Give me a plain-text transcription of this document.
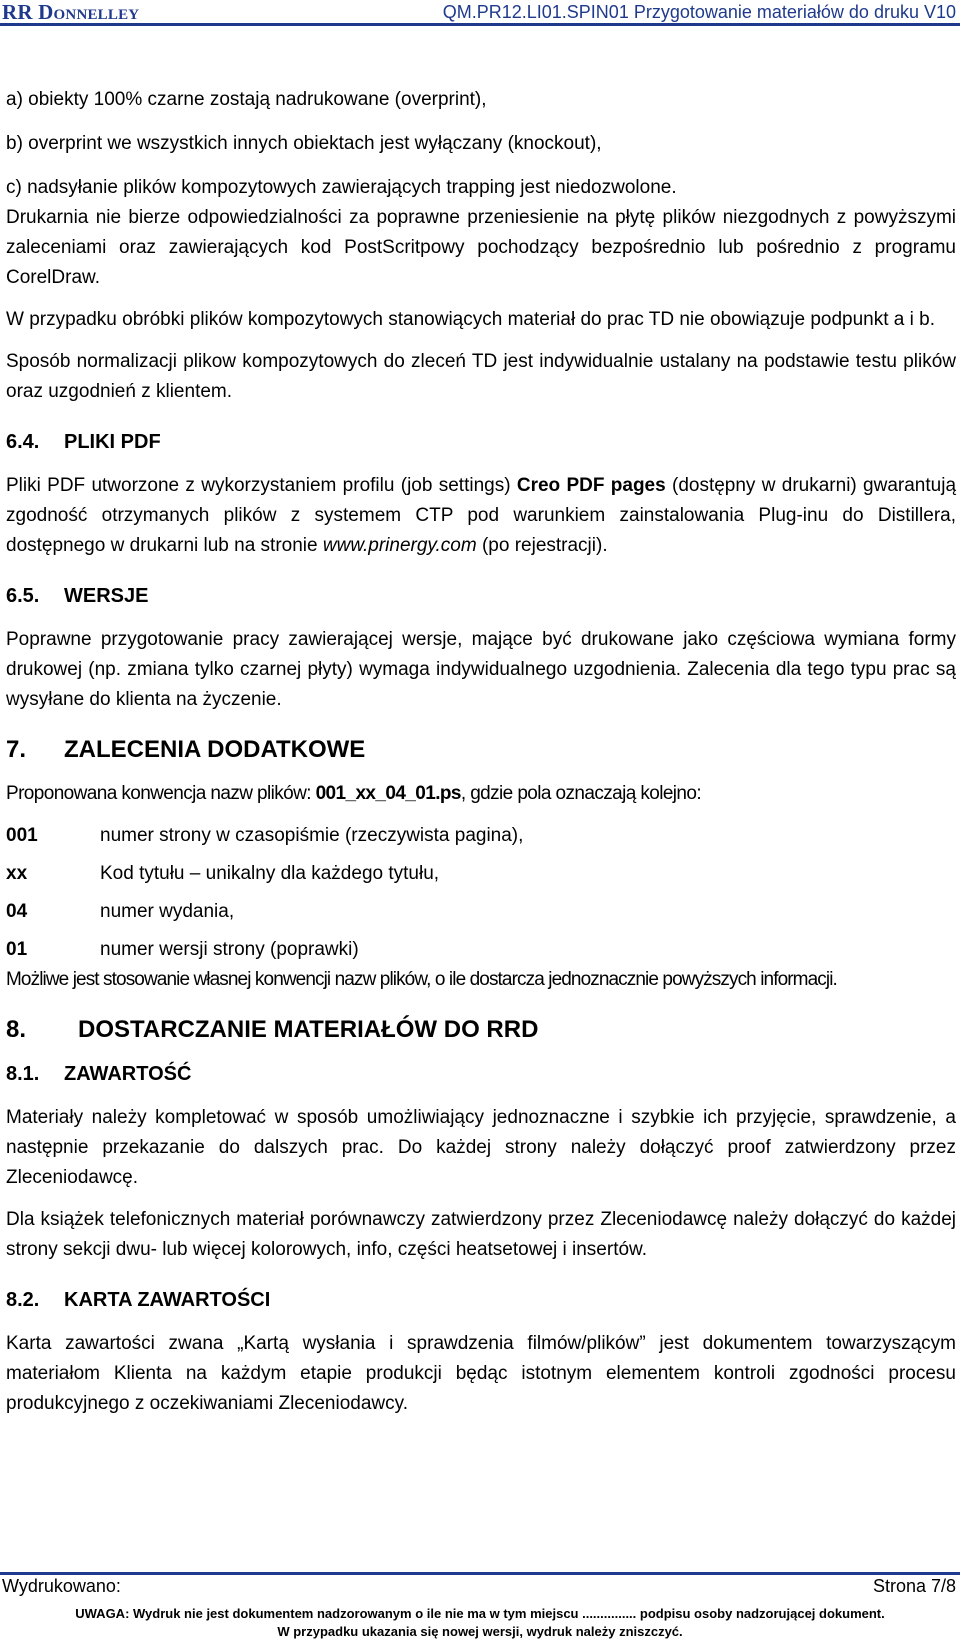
RR Donnelley	QM.PR12.LI01.SPIN01 Przygotowanie materiałów do druku V10

a) obiekty 100% czarne zostają nadrukowane (overprint),

b) overprint we wszystkich innych obiektach jest wyłączany (knockout),

c) nadsyłanie plików kompozytowych zawierających trapping jest niedozwolone.

Drukarnia nie bierze odpowiedzialności za poprawne przeniesienie na płytę plików niezgodnych z powyższymi zaleceniami oraz zawierających kod PostScritpowy pochodzący bezpośrednio lub pośrednio z programu CorelDraw.

W przypadku obróbki plików kompozytowych stanowiących materiał do prac TD nie obowiązuje podpunkt a i b.

Sposób normalizacji plikow kompozytowych do zleceń TD jest indywidualnie ustalany na podstawie testu plików oraz uzgodnień z klientem.

6.4. PLIKI PDF

Pliki PDF utworzone z wykorzystaniem profilu (job settings) Creo PDF pages (dostępny w drukarni) gwarantują zgodność otrzymanych plików z systemem CTP pod warunkiem zainstalowania Plug-inu do Distillera, dostępnego w drukarni lub na stronie www.prinergy.com (po rejestracji).

6.5. WERSJE

Poprawne przygotowanie pracy zawierającej wersje, mające być drukowane jako częściowa wymiana formy drukowej (np. zmiana tylko czarnej płyty) wymaga indywidualnego uzgodnienia. Zalecenia dla tego typu prac są wysyłane do klienta na życzenie.

7. ZALECENIA DODATKOWE

Proponowana konwencja nazw plików: 001_xx_04_01.ps, gdzie pola oznaczają kolejno:

001	numer strony w czasopiśmie (rzeczywista pagina),
xx	Kod tytułu – unikalny dla każdego tytułu,
04	numer wydania,
01	numer wersji strony (poprawki)

Możliwe jest stosowanie własnej konwencji nazw plików, o ile dostarcza jednoznacznie powyższych informacji.

8. DOSTARCZANIE MATERIAŁÓW DO RRD
8.1. ZAWARTOŚĆ

Materiały należy kompletować w sposób umożliwiający jednoznaczne i szybkie ich przyjęcie, sprawdzenie, a następnie przekazanie do dalszych prac. Do każdej strony należy dołączyć proof zatwierdzony przez Zleceniodawcę.

Dla książek telefonicznych materiał porównawczy zatwierdzony przez Zleceniodawcę należy dołączyć do każdej strony sekcji dwu- lub więcej kolorowych, info, części heatsetowej i insertów.

8.2. KARTA ZAWARTOŚCI

Karta zawartości zwana „Kartą wysłania i sprawdzenia filmów/plików” jest dokumentem towarzyszącym materiałom Klienta na każdym etapie produkcji będąc istotnym elementem kontroli zgodności procesu produkcyjnego z oczekiwaniami Zleceniodawcy.

Wydrukowano:	Strona 7/8
UWAGA: Wydruk nie jest dokumentem nadzorowanym o ile nie ma w tym miejscu ............... podpisu osoby nadzorującej dokument.
W przypadku ukazania się nowej wersji, wydruk należy zniszczyć.
